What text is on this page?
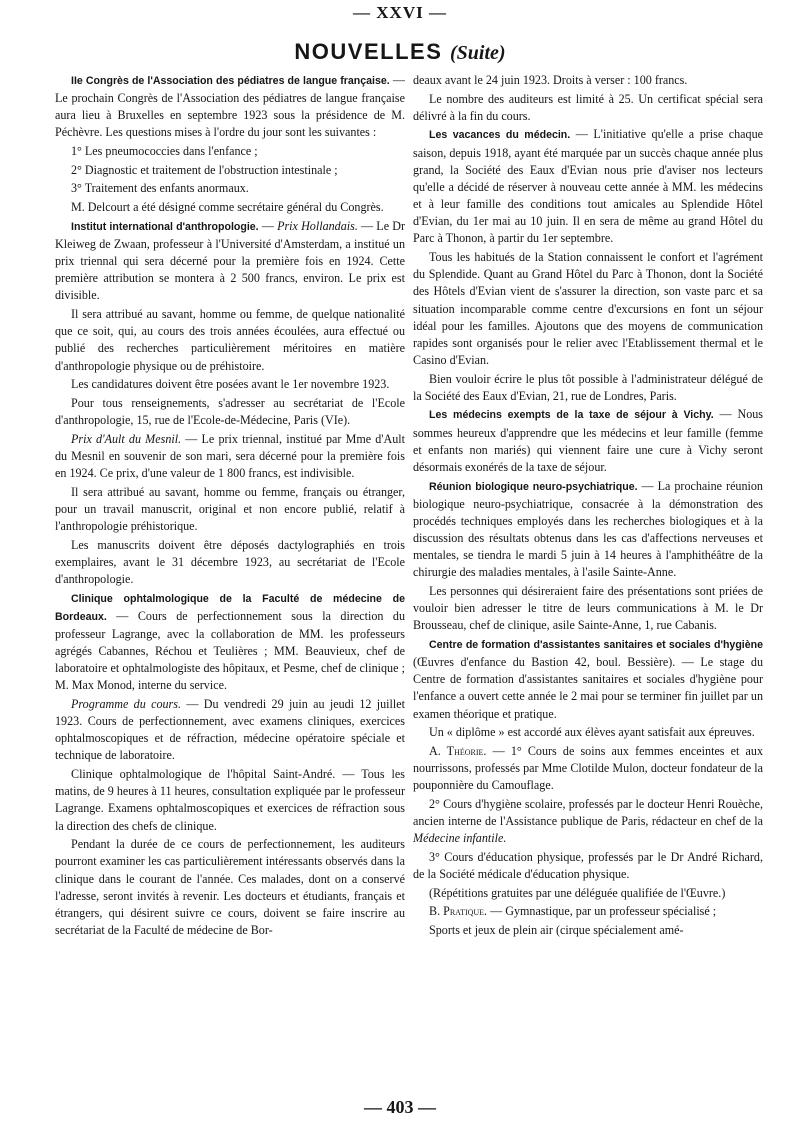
— XXVI —
NOUVELLES (Suite)

IIe Congrès de l'Association des pédiatres de langue française. — Le prochain Congrès de l'Association des pédiatres de langue française aura lieu à Bruxelles en septembre 1923 sous la présidence de M. Péchèvre. Les questions mises à l'ordre du jour sont les suivantes :

1° Les pneumococcies dans l'enfance ;

2° Diagnostic et traitement de l'obstruction intestinale ;

3° Traitement des enfants anormaux.

M. Delcourt a été désigné comme secrétaire général du Congrès.

Institut international d'anthropologie. — Prix Hollandais. — Le Dr Kleiweg de Zwaan, professeur à l'Université d'Amsterdam, a institué un prix triennal qui sera décerné pour la première fois en 1924. Cette première attribution se montera à 2 500 francs, environ. Le prix est divisible.

Il sera attribué au savant, homme ou femme, de quelque nationalité que ce soit, qui, au cours des trois années écoulées, aura effectué ou publié des recherches particulièrement méritoires en matière d'anthropologie physique ou de préhistoire.

Les candidatures doivent être posées avant le 1er novembre 1923.

Pour tous renseignements, s'adresser au secrétariat de l'Ecole d'anthropologie, 15, rue de l'Ecole-de-Médecine, Paris (VIe).

Prix d'Ault du Mesnil. — Le prix triennal, institué par Mme d'Ault du Mesnil en souvenir de son mari, sera décerné pour la première fois en 1924. Ce prix, d'une valeur de 1 800 francs, est indivisible.

Il sera attribué au savant, homme ou femme, français ou étranger, pour un travail manuscrit, original et non encore publié, relatif à l'anthropologie préhistorique.

Les manuscrits doivent être déposés dactylographiés en trois exemplaires, avant le 31 décembre 1923, au secrétariat de l'Ecole d'anthropologie.

Clinique ophtalmologique de la Faculté de médecine de Bordeaux. — Cours de perfectionnement sous la direction du professeur Lagrange, avec la collaboration de MM. les professeurs agrégés Cabannes, Réchou et Teulières ; MM. Beauvieux, chef de laboratoire et ophtalmologiste des hôpitaux, et Pesme, chef de clinique ; M. Max Monod, interne du service.

Programme du cours. — Du vendredi 29 juin au jeudi 12 juillet 1923. Cours de perfectionnement, avec examens cliniques, exercices ophtalmoscopiques et de réfraction, médecine opératoire spéciale et technique de laboratoire.

Clinique ophtalmologique de l'hôpital Saint-André. — Tous les matins, de 9 heures à 11 heures, consultation expliquée par le professeur Lagrange. Examens ophtalmoscopiques et exercices de réfraction sous la direction des chefs de clinique.

Pendant la durée de ce cours de perfectionnement, les auditeurs pourront examiner les cas particulièrement intéressants observés dans la clinique dans le courant de l'année. Ces malades, dont on a conservé l'adresse, seront invités à revenir. Les docteurs et étudiants, français et étrangers, qui désirent suivre ce cours, doivent se faire inscrire au secrétariat de la Faculté de médecine de Bor-

deaux avant le 24 juin 1923. Droits à verser : 100 francs.

Le nombre des auditeurs est limité à 25. Un certificat spécial sera délivré à la fin du cours.

Les vacances du médecin. — L'initiative qu'elle a prise chaque saison, depuis 1918, ayant été marquée par un succès chaque année plus grand, la Société des Eaux d'Evian nous prie d'aviser nos lecteurs qu'elle a décidé de réserver à nouveau cette année à MM. les médecins et à leur famille des conditions tout amicales au Splendide Hôtel d'Evian, du 1er mai au 10 juin. Il en sera de même au grand Hôtel du Parc à Thonon, à partir du 1er septembre.

Tous les habitués de la Station connaissent le confort et l'agrément du Splendide. Quant au Grand Hôtel du Parc à Thonon, dont la Société des Hôtels d'Evian vient de s'assurer la direction, son vaste parc et sa situation incomparable comme centre d'excursions en font un séjour idéal pour les familles. Ajoutons que des moyens de communication rapides sont organisés pour le relier avec l'Etablissement thermal et le Casino d'Evian.

Bien vouloir écrire le plus tôt possible à l'administrateur délégué de la Société des Eaux d'Evian, 21, rue de Londres, Paris.

Les médecins exempts de la taxe de séjour à Vichy. — Nous sommes heureux d'apprendre que les médecins et leur famille (femme et enfants non mariés) qui viennent faire une cure à Vichy seront désormais exonérés de la taxe de séjour.

Réunion biologique neuro-psychiatrique. — La prochaine réunion biologique neuro-psychiatrique, consacrée à la démonstration des procédés techniques employés dans les recherches biologiques et à la discussion des résultats obtenus dans les cas d'affections nerveuses et mentales, se tiendra le mardi 5 juin à 14 heures à l'amphithéâtre de la chirurgie des maladies mentales, à l'asile Sainte-Anne.

Les personnes qui désireraient faire des présentations sont priées de vouloir bien adresser le titre de leurs communications à M. le Dr Brousseau, chef de clinique, asile Sainte-Anne, 1, rue Cabanis.

Centre de formation d'assistantes sanitaires et sociales d'hygiène (Œuvres d'enfance du Bastion 42, boul. Bessière). — Le stage du Centre de formation d'assistantes sanitaires et sociales d'hygiène pour l'enfance a ouvert cette année le 2 mai pour se terminer fin juillet par un examen théorique et pratique.

Un « diplôme » est accordé aux élèves ayant satisfait aux épreuves.

A. Théorie. — 1° Cours de soins aux femmes enceintes et aux nourrissons, professés par Mme Clotilde Mulon, docteur fondateur de la pouponnière du Camouflage.

2° Cours d'hygiène scolaire, professés par le docteur Henri Rouèche, ancien interne de l'Assistance publique de Paris, rédacteur en chef de la Médecine infantile.

3° Cours d'éducation physique, professés par le Dr André Richard, de la Société médicale d'éducation physique.

(Répétitions gratuites par une déléguée qualifiée de l'Œuvre.)

B. Pratique. — Gymnastique, par un professeur spécialisé ;

Sports et jeux de plein air (cirque spécialement amé-

— 403 —
